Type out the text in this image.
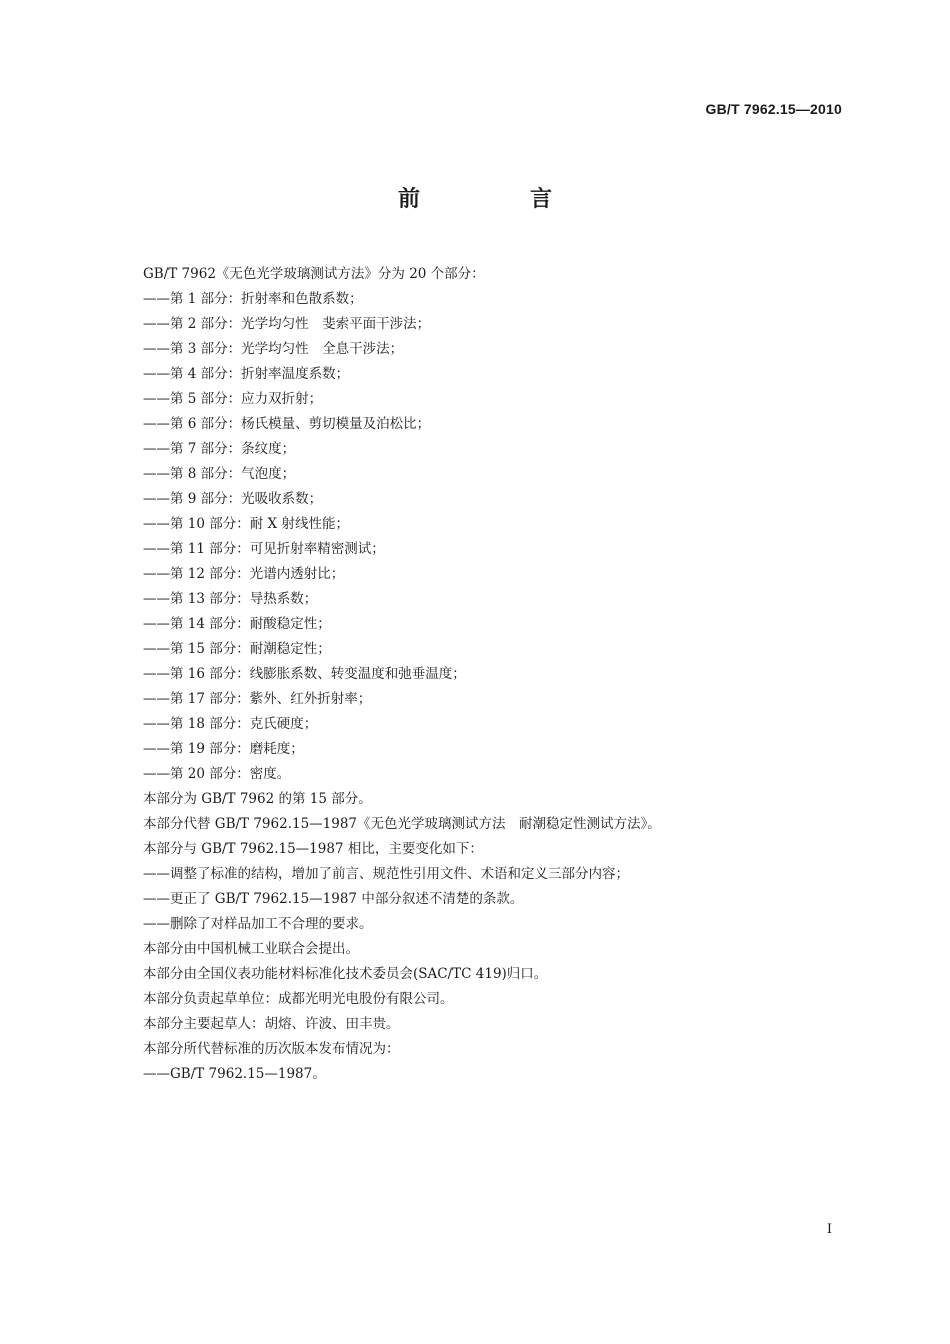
GB/T 7962.15—2010
前　言
GB/T 7962《无色光学玻璃测试方法》分为 20 个部分：
——第 1 部分：折射率和色散系数；
——第 2 部分：光学均匀性　斐索平面干涉法；
——第 3 部分：光学均匀性　全息干涉法；
——第 4 部分：折射率温度系数；
——第 5 部分：应力双折射；
——第 6 部分：杨氏模量、剪切模量及泊松比；
——第 7 部分：条纹度；
——第 8 部分：气泡度；
——第 9 部分：光吸收系数；
——第 10 部分：耐 X 射线性能；
——第 11 部分：可见折射率精密测试；
——第 12 部分：光谱内透射比；
——第 13 部分：导热系数；
——第 14 部分：耐酸稳定性；
——第 15 部分：耐潮稳定性；
——第 16 部分：线膨胀系数、转变温度和弛垂温度；
——第 17 部分：紫外、红外折射率；
——第 18 部分：克氏硬度；
——第 19 部分：磨耗度；
——第 20 部分：密度。
本部分为 GB/T 7962 的第 15 部分。
本部分代替 GB/T 7962.15—1987《无色光学玻璃测试方法　耐潮稳定性测试方法》。
本部分与 GB/T 7962.15—1987 相比，主要变化如下：
——调整了标准的结构，增加了前言、规范性引用文件、术语和定义三部分内容；
——更正了 GB/T 7962.15—1987 中部分叙述不清楚的条款。
——删除了对样品加工不合理的要求。
本部分由中国机械工业联合会提出。
本部分由全国仪表功能材料标准化技术委员会(SAC/TC 419)归口。
本部分负责起草单位：成都光明光电股份有限公司。
本部分主要起草人：胡熔、许波、田丰贵。
本部分所代替标准的历次版本发布情况为：
——GB/T 7962.15—1987。
I
